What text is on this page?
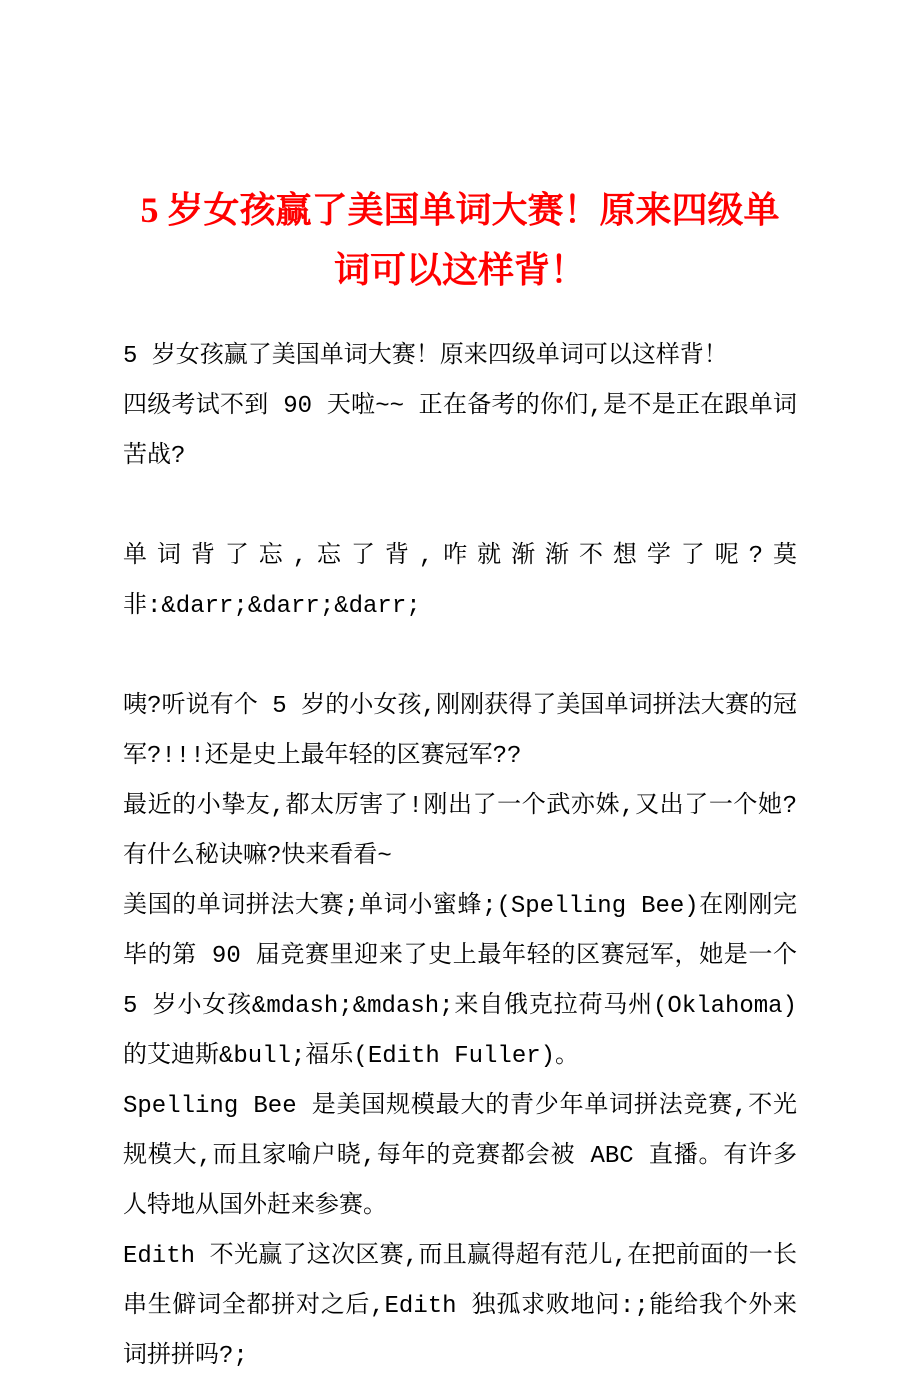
5 岁女孩赢了美国单词大赛！原来四级单词可以这样背！

5 岁女孩赢了美国单词大赛！原来四级单词可以这样背！

四级考试不到 90 天啦~~ 正在备考的你们,是不是正在跟单词苦战?

单词背了忘,忘了背,咋就渐渐不想学了呢?莫非:&darr;&darr;&darr;

咦?听说有个 5 岁的小女孩,刚刚获得了美国单词拼法大赛的冠军?!!!还是史上最年轻的区赛冠军??

最近的小挚友,都太厉害了!刚出了一个武亦姝,又出了一个她?有什么秘诀嘛?快来看看~

美国的单词拼法大赛;单词小蜜蜂;(Spelling Bee)在刚刚完毕的第 90 届竞赛里迎来了史上最年轻的区赛冠军，她是一个 5 岁小女孩&mdash;&mdash;来自俄克拉荷马州(Oklahoma)的艾迪斯&bull;福乐(Edith Fuller)。

Spelling Bee 是美国规模最大的青少年单词拼法竞赛,不光规模大,而且家喻户晓,每年的竞赛都会被 ABC 直播。有许多人特地从国外赶来参赛。

Edith 不光赢了这次区赛,而且赢得超有范儿,在把前面的一长串生僻词全都拼对之后,Edith 独孤求败地问:;能给我个外来词拼拼吗?;
